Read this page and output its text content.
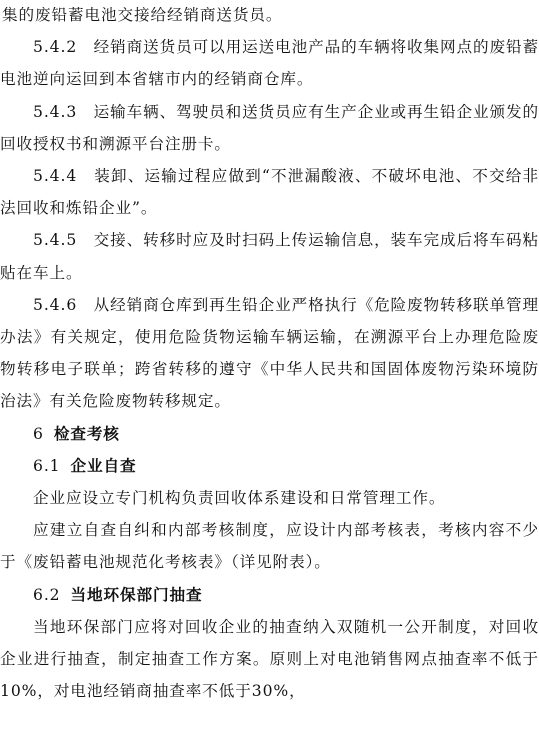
集的废铅蓄电池交接给经销商送货员。

5.4.2　经销商送货员可以用运送电池产品的车辆将收集网点的废铅蓄电池逆向运回到本省辖市内的经销商仓库。

5.4.3　运输车辆、驾驶员和送货员应有生产企业或再生铅企业颁发的回收授权书和溯源平台注册卡。

5.4.4　装卸、运输过程应做到“不泄漏酸液、不破坏电池、不交给非法回收和炼铅企业”。

5.4.5　交接、转移时应及时扫码上传运输信息，装车完成后将车码粘贴在车上。

5.4.6　从经销商仓库到再生铅企业严格执行《危险废物转移联单管理办法》有关规定，使用危险货物运输车辆运输，在溯源平台上办理危险废物转移电子联单；跨省转移的遵守《中华人民共和国固体废物污染环境防治法》有关危险废物转移规定。

6 检查考核

6.1 企业自查

企业应设立专门机构负责回收体系建设和日常管理工作。

应建立自查自纠和内部考核制度，应设计内部考核表，考核内容不少于《废铅蓄电池规范化考核表》（详见附表）。

6.2 当地环保部门抽查

当地环保部门应将对回收企业的抽查纳入双随机一公开制度，对回收企业进行抽查，制定抽查工作方案。原则上对电池销售网点抽查率不低于10%，对电池经销商抽查率不低于30%，
